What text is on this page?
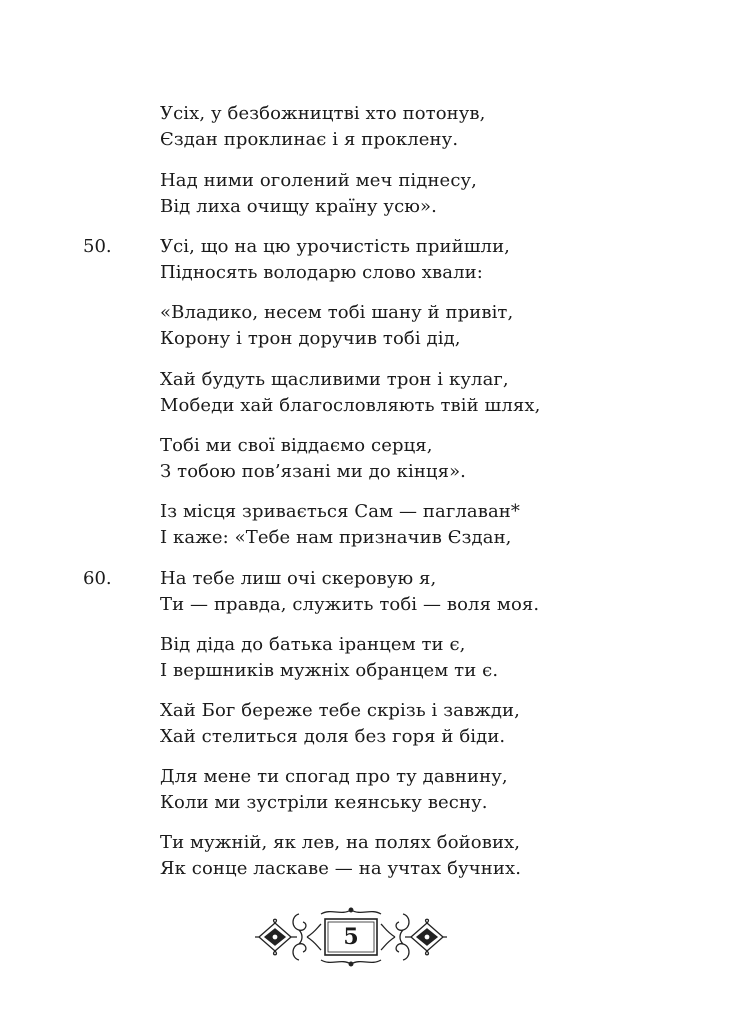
Усіх, у безбожництві хто потонув,
Єздан проклинає і я проклену.

Над ними оголений меч піднесу,
Від лиха очищу країну усю».

50.	Усі, що на цю урочистість прийшли,
Підносять володарю слово хвали:

«Владико, несем тобі шану й привіт,
Корону і трон доручив тобі дід,

Хай будуть щасливими трон і кулаг,
Мобеди хай благословляють твій шлях,

Тобі ми свої віддаємо серця,
З тобою пов’язані ми до кінця».

Із місця зривається Сам — паглаван*
І каже: «Тебе нам призначив Єздан,

60.	На тебе лиш очі скеровую я,
Ти — правда, служить тобі — воля моя.

Від діда до батька іранцем ти є,
І вершників мужніх обранцем ти є.

Хай Бог береже тебе скрізь і завжди,
Хай стелиться доля без горя й біди.

Для мене ти спогад про ту давнину,
Коли ми зустріли кеянську весну.

Ти мужній, як лев, на полях бойових,
Як сонце ласкаве — на учтах бучних.

5
